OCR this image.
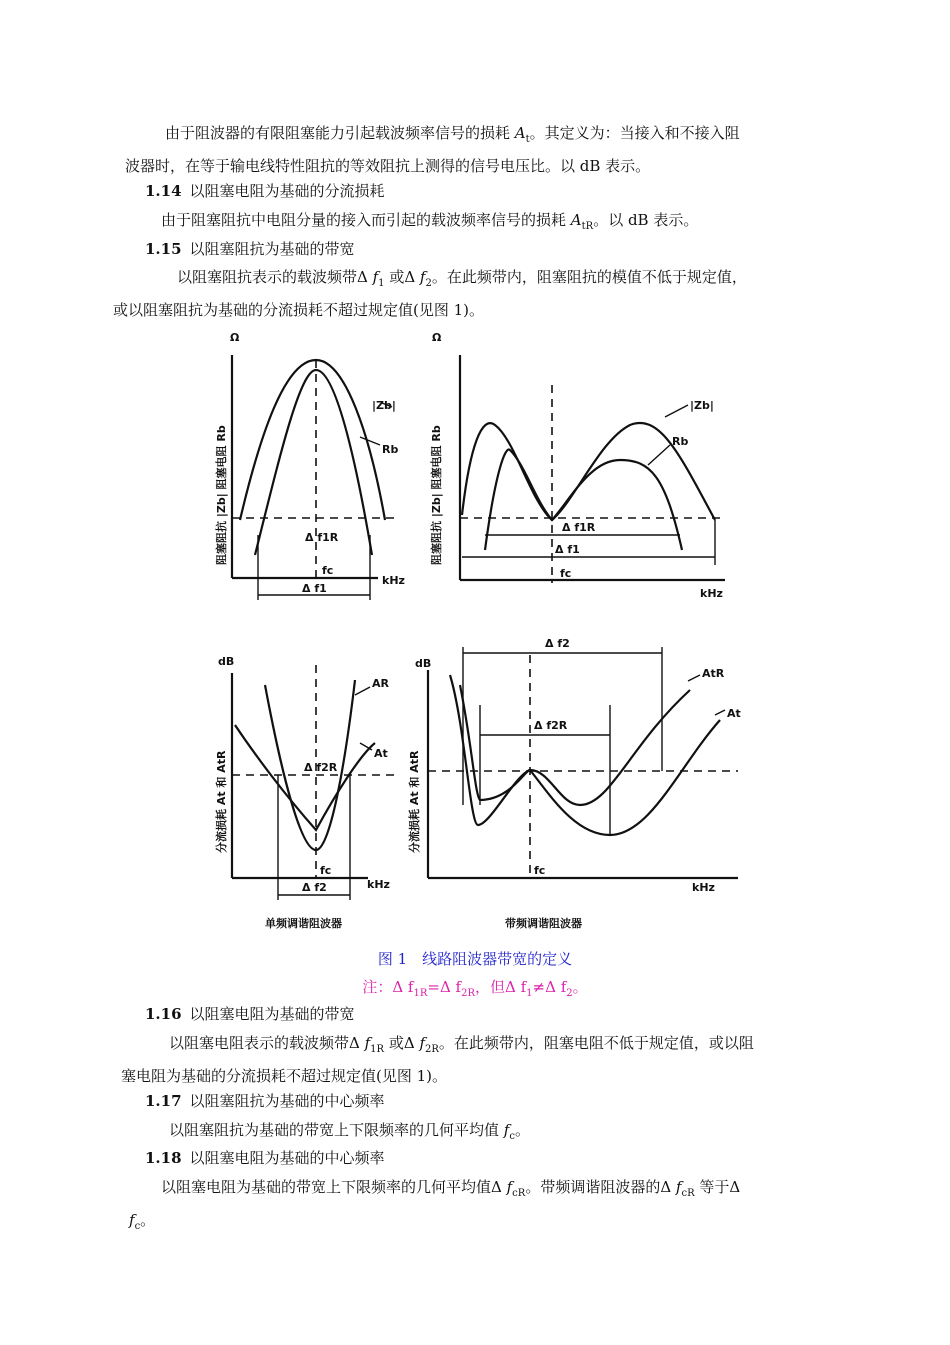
由于阻波器的有限阻塞能力引起载波频率信号的损耗 $A_t$。其定义为：当接入和不接入阻
波器时，在等于输电线特性阻抗的等效阻抗上测得的信号电压比。以 dB 表示。

1.14 以阻塞电阻为基础的分流损耗

由于阻塞阻抗中电阻分量的接入而引起的载波频率信号的损耗 $A_{tR}$。以 dB 表示。

1.15 以阻塞阻抗为基础的带宽

以阻塞阻抗表示的载波频带Δ $f_1$ 或Δ $f_2$。在此频带内，阻塞阻抗的模值不低于规定值，
或以阻塞阻抗为基础的分流损耗不超过规定值(见图 1)。

Ω
阻塞阻抗 |Zb| 阻塞电阻 Rb
|Zb|
Rb
Δ f1R
fc
kHz
Δ f1
Ω
阻塞阻抗 |Zb| 阻塞电阻 Rb
|Zb|
Rb
Δ f1R
Δ f1
fc
kHz
dB
分流损耗 At 和 AtR
AR
At
Δ f2R
fc
kHz
Δ f2
单频调谐阻波器
dB
分流损耗 At 和 AtR
Δ f2
AtR
At
Δ f2R
fc
kHz
带频调谐阻波器
图 1　线路阻波器带宽的定义
注：Δ $f_{1R}=\Delta$ $f_{2R}$，但Δ $f_1\ne\Delta$ $f_2$。

1.16 以阻塞电阻为基础的带宽

以阻塞电阻表示的载波频带Δ $f_{1R}$ 或Δ $f_{2R}$。在此频带内，阻塞电阻不低于规定值，或以阻
塞电阻为基础的分流损耗不超过规定值(见图 1)。

1.17 以阻塞阻抗为基础的中心频率

以阻塞阻抗为基础的带宽上下限频率的几何平均值 $f_c$。

1.18 以阻塞电阻为基础的中心频率

以阻塞电阻为基础的带宽上下限频率的几何平均值Δ $f_{cR}$。带频调谐阻波器的Δ $f_{cR}$ 等于Δ
$f_c$。
